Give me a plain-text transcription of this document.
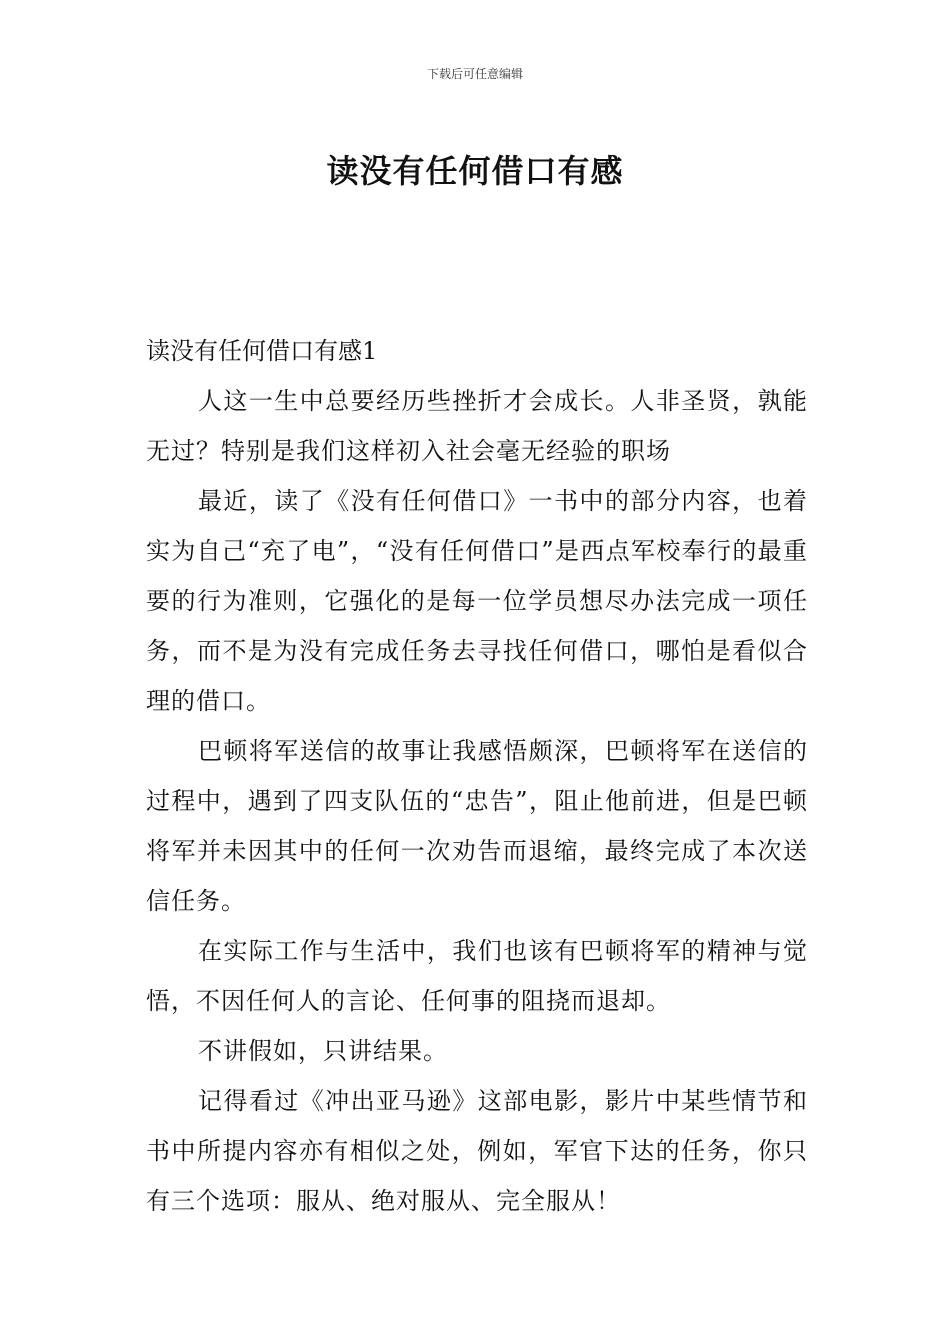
下载后可任意编辑
读没有任何借口有感

读没有任何借口有感1

人这一生中总要经历些挫折才会成长。人非圣贤，孰能无过？特别是我们这样初入社会毫无经验的职场

最近，读了《没有任何借口》一书中的部分内容，也着实为自己“充了电”，“没有任何借口”是西点军校奉行的最重要的行为准则，它强化的是每一位学员想尽办法完成一项任务，而不是为没有完成任务去寻找任何借口，哪怕是看似合理的借口。

巴顿将军送信的故事让我感悟颇深，巴顿将军在送信的过程中，遇到了四支队伍的“忠告”，阻止他前进，但是巴顿将军并未因其中的任何一次劝告而退缩，最终完成了本次送信任务。

在实际工作与生活中，我们也该有巴顿将军的精神与觉悟，不因任何人的言论、任何事的阻挠而退却。

不讲假如，只讲结果。

记得看过《冲出亚马逊》这部电影，影片中某些情节和书中所提内容亦有相似之处，例如，军官下达的任务，你只有三个选项：服从、绝对服从、完全服从！
